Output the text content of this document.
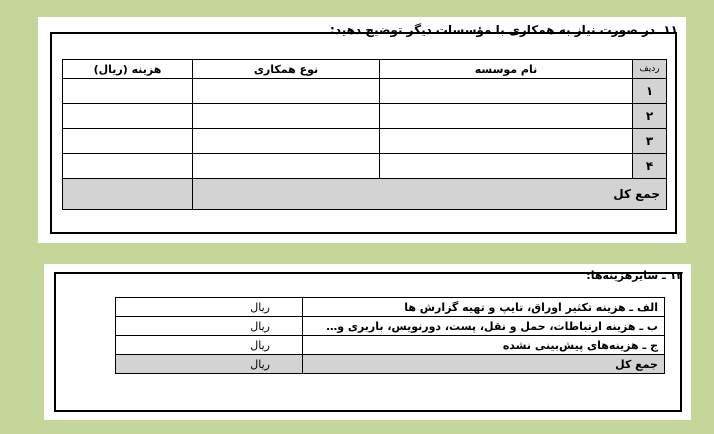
۱۱ـ در صورت نیاز به همکاری با مؤسسات دیگر توضیح دهید:
ردیف	نام موسسه	نوع همکاری	هزینه (ریال)
۱			
۲			
۳			
۴			
جمع کل			
۱۲ ـ سایرهزینه‌ها:
الف ـ هزینه تکثیر اوراق، تایپ و تهیه گزارش ها	ریال
ب ـ هزینه ارتباطات، حمل و نقل، پست، دورنویس، باربری و…	ریال
ج ـ هزینه‌های پیش‌بینی نشده	ریال
جمع کل	ریال
